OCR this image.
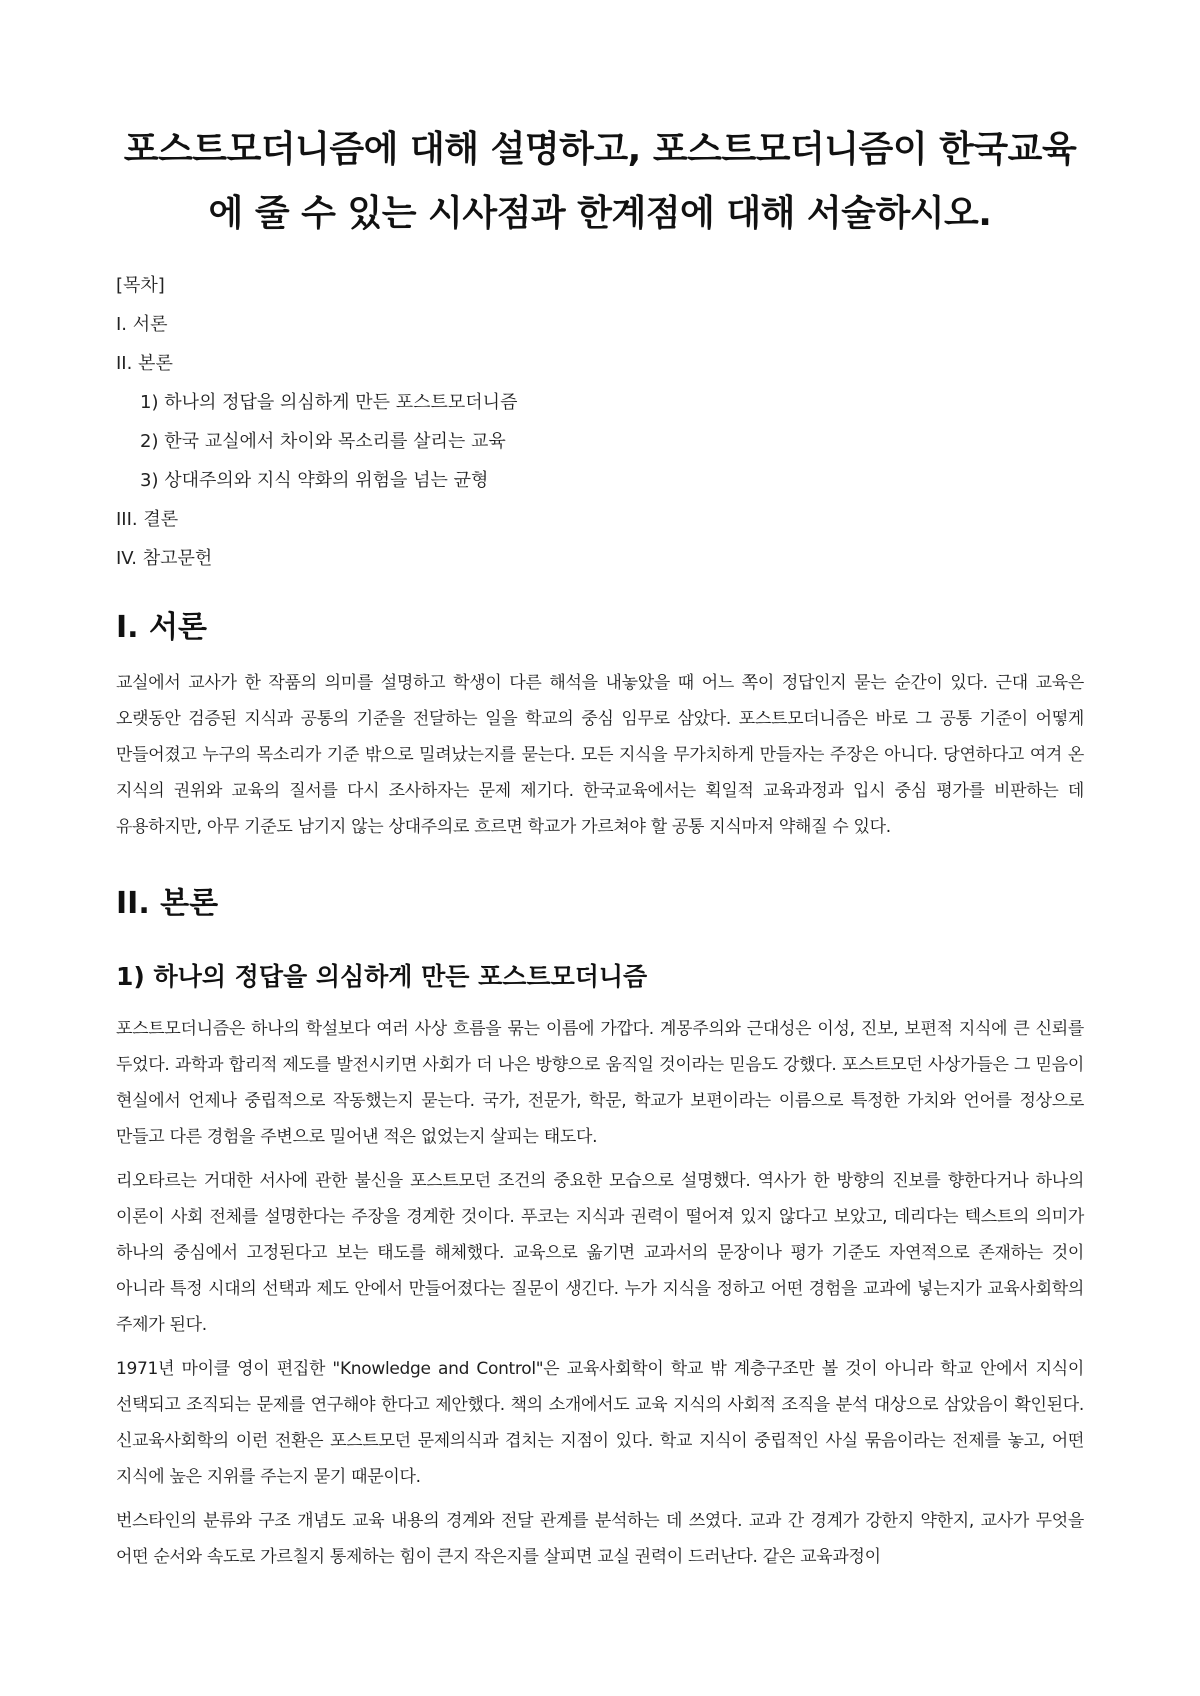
포스트모더니즘에 대해 설명하고, 포스트모더니즘이 한국교육
에 줄 수 있는 시사점과 한계점에 대해 서술하시오.
[목차]
I. 서론
II. 본론
1) 하나의 정답을 의심하게 만든 포스트모더니즘
2) 한국 교실에서 차이와 목소리를 살리는 교육
3) 상대주의와 지식 약화의 위험을 넘는 균형
III. 결론
IV. 참고문헌
I. 서론

교실에서 교사가 한 작품의 의미를 설명하고 학생이 다른 해석을 내놓았을 때 어느 쪽이 정답인지 묻는 순간이 있다. 근대 교육은 오랫동안 검증된 지식과 공통의 기준을 전달하는 일을 학교의 중심 임무로 삼았다. 포스트모더니즘은 바로 그 공통 기준이 어떻게 만들어졌고 누구의 목소리가 기준 밖으로 밀려났는지를 묻는다. 모든 지식을 무가치하게 만들자는 주장은 아니다. 당연하다고 여겨 온 지식의 권위와 교육의 질서를 다시 조사하자는 문제 제기다. 한국교육에서는 획일적 교육과정과 입시 중심 평가를 비판하는 데 유용하지만, 아무 기준도 남기지 않는 상대주의로 흐르면 학교가 가르쳐야 할 공통 지식마저 약해질 수 있다.

II. 본론
1) 하나의 정답을 의심하게 만든 포스트모더니즘

포스트모더니즘은 하나의 학설보다 여러 사상 흐름을 묶는 이름에 가깝다. 계몽주의와 근대성은 이성, 진보, 보편적 지식에 큰 신뢰를 두었다. 과학과 합리적 제도를 발전시키면 사회가 더 나은 방향으로 움직일 것이라는 믿음도 강했다. 포스트모던 사상가들은 그 믿음이 현실에서 언제나 중립적으로 작동했는지 묻는다. 국가, 전문가, 학문, 학교가 보편이라는 이름으로 특정한 가치와 언어를 정상으로 만들고 다른 경험을 주변으로 밀어낸 적은 없었는지 살피는 태도다.

리오타르는 거대한 서사에 관한 불신을 포스트모던 조건의 중요한 모습으로 설명했다. 역사가 한 방향의 진보를 향한다거나 하나의 이론이 사회 전체를 설명한다는 주장을 경계한 것이다. 푸코는 지식과 권력이 떨어져 있지 않다고 보았고, 데리다는 텍스트의 의미가 하나의 중심에서 고정된다고 보는 태도를 해체했다. 교육으로 옮기면 교과서의 문장이나 평가 기준도 자연적으로 존재하는 것이 아니라 특정 시대의 선택과 제도 안에서 만들어졌다는 질문이 생긴다. 누가 지식을 정하고 어떤 경험을 교과에 넣는지가 교육사회학의 주제가 된다.

1971년 마이클 영이 편집한 "Knowledge and Control"은 교육사회학이 학교 밖 계층구조만 볼 것이 아니라 학교 안에서 지식이 선택되고 조직되는 문제를 연구해야 한다고 제안했다. 책의 소개에서도 교육 지식의 사회적 조직을 분석 대상으로 삼았음이 확인된다. 신교육사회학의 이런 전환은 포스트모던 문제의식과 겹치는 지점이 있다. 학교 지식이 중립적인 사실 묶음이라는 전제를 놓고, 어떤 지식에 높은 지위를 주는지 묻기 때문이다.

번스타인의 분류와 구조 개념도 교육 내용의 경계와 전달 관계를 분석하는 데 쓰였다. 교과 간 경계가 강한지 약한지, 교사가 무엇을 어떤 순서와 속도로 가르칠지 통제하는 힘이 큰지 작은지를 살피면 교실 권력이 드러난다. 같은 교육과정이
